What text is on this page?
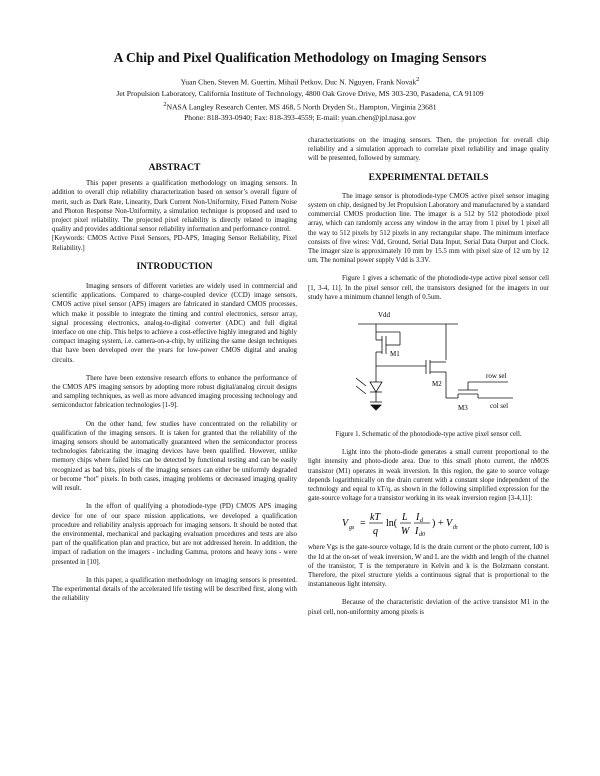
A Chip and Pixel Qualification Methodology on Imaging Sensors
Yuan Chen, Steven M. Guertin, Mihail Petkov, Duc N. Nguyen, Frank Novak$^2$
Jet Propulsion Laboratory, California Institute of Technology, 4800 Oak Grove Drive, MS 303-230, Pasadena, CA 91109
$^2$NASA Langley Research Center, MS 468, 5 North Dryden St., Hampton, Virginia 23681
Phone: 818-393-0940; Fax: 818-393-4559; E-mail: yuan.chen@jpl.nasa.gov
ABSTRACT

This paper presents a qualification methodology on imaging sensors. In addition to overall chip reliability characterization based on sensor’s overall figure of merit, such as Dark Rate, Linearity, Dark Current Non-Uniformity, Fixed Pattern Noise and Photon Response Non-Uniformity, a simulation technique is proposed and used to project pixel reliability. The projected pixel reliability is directly related to imaging quality and provides additional sensor reliability information and performance control.

[Keywords: CMOS Active Pixel Sensors, PD-APS, Imaging Sensor Reliability, Pixel Reliability.]

INTRODUCTION

Imaging sensors of different varieties are widely used in commercial and scientific applications. Compared to charge-coupled device (CCD) image sensors, CMOS active pixel sensor (APS) imagers are fabricated in standard CMOS processes, which make it possible to integrate the timing and control electronics, sensor array, signal processing electronics, analog-to-digital converter (ADC) and full digital interface on one chip. This helps to achieve a cost-effective highly integrated and highly compact imaging system, i.e. camera-on-a-chip, by utilizing the same design techniques that have been developed over the years for low-power CMOS digital and analog circuits.

There have been extensive research efforts to enhance the performance of the CMOS APS imaging sensors by adopting more robust digital/analog circuit designs and sampling techniques, as well as more advanced imaging processing technology and semiconductor fabrication technologies [1-9].

On the other hand, few studies have concentrated on the reliability or qualification of the imaging sensors. It is taken for granted that the reliability of the imaging sensors should be automatically guaranteed when the semiconductor process technologies fabricating the imaging devices have been qualified. However, unlike memory chips where failed bits can be detected by functional testing and can be easily recognized as bad bits, pixels of the imaging sensors can either be uniformly degraded or become “hot” pixels. In both cases, imaging problems or decreased imaging quality will result.

In the effort of qualifying a photodiode-type (PD) CMOS APS imaging device for one of our space mission applications, we developed a qualification procedure and reliability analysis approach for imaging sensors. It should be noted that the environmental, mechanical and packaging evaluation procedures and tests are also part of the qualification plan and practice, but are not addressed herein. In addition, the impact of radiation on the imagers - including Gamma, protons and heavy ions - were presented in [10].

In this paper, a qualification methodology on imaging sensors is presented. The experimental details of the accelerated life testing will be described first, along with the reliability

characterizations on the imaging sensors. Then, the projection for overall chip reliability and a simulation approach to correlate pixel reliability and image quality will be presented, followed by summary.

EXPERIMENTAL DETAILS

The image sensor is photodiode-type CMOS active pixel sensor imaging system on chip, designed by Jet Propulsion Laboratory and manufactured by a standard commercial CMOS production line. The imager is a 512 by 512 photodiode pixel array, which can randomly access any window in the array from 1 pixel by 1 pixel all the way to 512 pixels by 512 pixels in any rectangular shape. The minimum interface consists of five wires: Vdd, Ground, Serial Data Input, Serial Data Output and Clock. The imager size is approximately 10 mm by 15.5 mm with pixel size of 12 um by 12 um. The nominal power supply Vdd is 3.3V.

Figure 1 gives a schematic of the photodiode-type active pixel sensor cell [1, 3-4, 11]. In the pixel sensor cell, the transistors designed for the imagers in our study have a minimum channel length of 0.5um.

Vdd
M1
M2
M3
row sel
col sel

Figure 1. Schematic of the photodiode-type active pixel sensor cell.

Light into the photo-diode generates a small current proportional to the light intensity and photo-diode area. Due to this small photo current, the nMOS transistor (M1) operates in weak inversion. In this region, the gate to source voltage depends logarithmically on the drain current with a constant slope independent of the technology and equal to kT/q, as shown in the following simplified expression for the gate-source voltage for a transistor working in its weak inversion region [3-4,11]:

V gs =
kT
q
ln(
L
W
I d
I d0
) + V th

where Vgs is the gate-source voltage, Id is the drain current or the photo current, Id0 is the Id at the on-set of weak inversion, W and L are the width and length of the channel of the transistor, T is the temperature in Kelvin and k is the Bolzmann constant. Therefore, the pixel structure yields a continuous signal that is proportional to the instantaneous light intensity.

Because of the characteristic deviation of the active transistor M1 in the pixel cell, non-uniformity among pixels is
